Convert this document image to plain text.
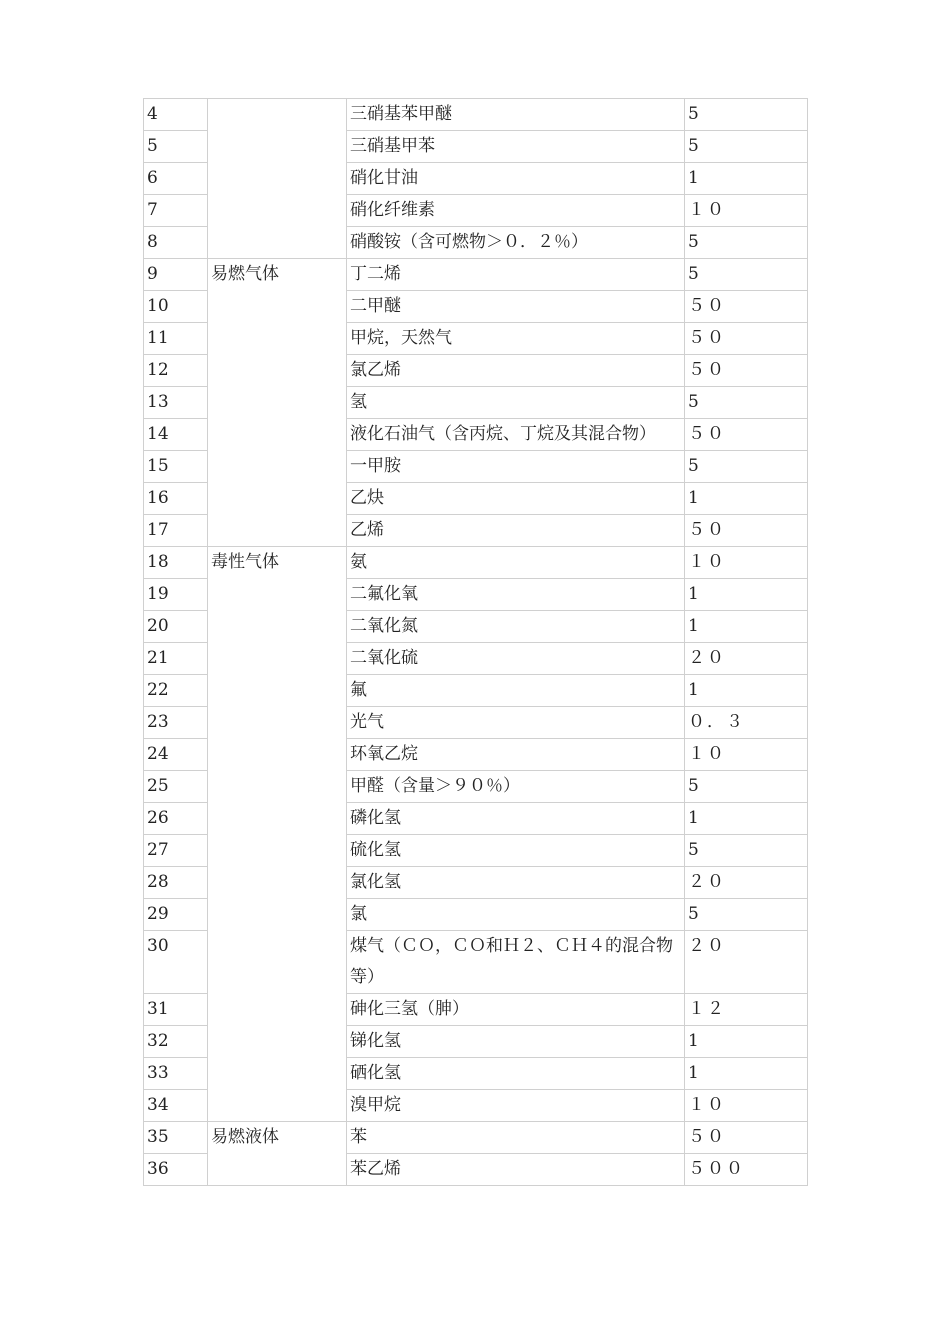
4		三硝基苯甲醚	5
5		三硝基甲苯	5
6		硝化甘油	1
7		硝化纤维素	１０
8		硝酸铵（含可燃物＞０．２％）	5
9	易燃气体	丁二烯	5
10		二甲醚	５０
11		甲烷，天然气	５０
12		氯乙烯	５０
13		氢	5
14		液化石油气（含丙烷、丁烷及其混合物）	５０
15		一甲胺	5
16		乙炔	1
17		乙烯	５０
18	毒性气体	氨	１０
19		二氟化氧	1
20		二氧化氮	1
21		二氧化硫	２０
22		氟	1
23		光气	０．３
24		环氧乙烷	１０
25		甲醛（含量＞９０％）	5
26		磷化氢	1
27		硫化氢	5
28		氯化氢	２０
29		氯	5
30		煤气（ＣＯ，ＣＯ和Ｈ２、ＣＨ４的混合物等）	２０
31		砷化三氢（胂）	１２
32		锑化氢	1
33		硒化氢	1
34		溴甲烷	１０
35	易燃液体	苯	５０
36		苯乙烯	５００
